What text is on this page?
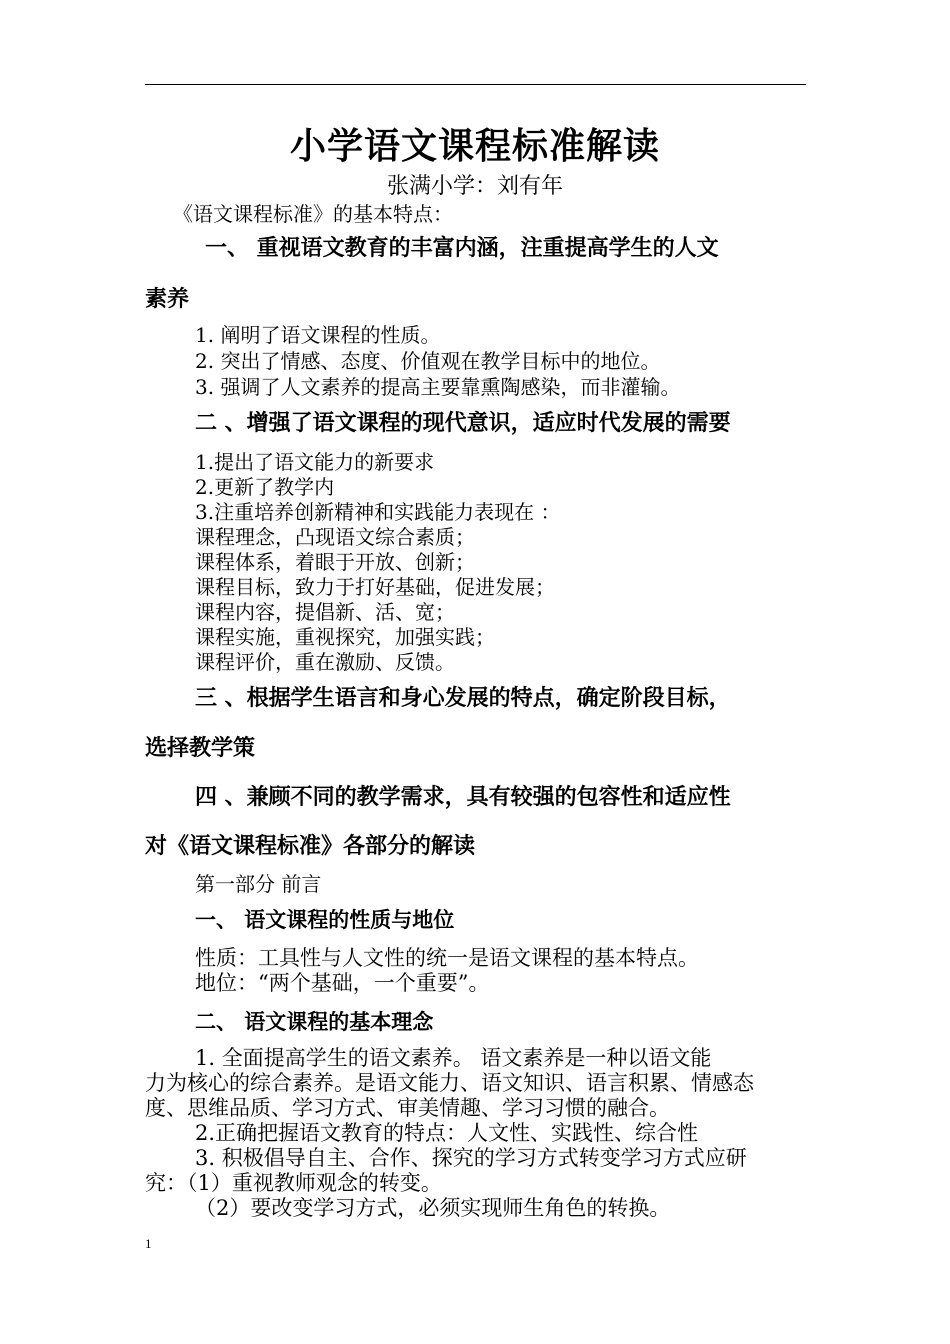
小学语文课程标准解读
张满小学：刘有年
《语文课程标准》的基本特点：
一、 重视语文教育的丰富内涵，注重提高学生的人文
素养
1. 阐明了语文课程的性质。
2. 突出了情感、态度、价值观在教学目标中的地位。
3. 强调了人文素养的提高主要靠熏陶感染，而非灌输。
二 、增强了语文课程的现代意识，适应时代发展的需要
1.提出了语文能力的新要求
2.更新了教学内
3.注重培养创新精神和实践能力表现在 ：
课程理念，凸现语文综合素质；
课程体系，着眼于开放、创新；
课程目标，致力于打好基础，促进发展；
课程内容，提倡新、活、宽；
课程实施，重视探究，加强实践；
课程评价，重在激励、反馈。
三 、根据学生语言和身心发展的特点，确定阶段目标，
选择教学策
四 、兼顾不同的教学需求，具有较强的包容性和适应性
对《语文课程标准》各部分的解读
第一部分 前言
一、 语文课程的性质与地位
性质：工具性与人文性的统一是语文课程的基本特点。
地位：“两个基础，一个重要”。
二、 语文课程的基本理念
1. 全面提高学生的语文素养。 语文素养是一种以语文能
力为核心的综合素养。是语文能力、语文知识、语言积累、情感态
度、思维品质、学习方式、审美情趣、学习习惯的融合。
2.正确把握语文教育的特点：人文性、实践性、综合性
3. 积极倡导自主、合作、探究的学习方式转变学习方式应研
究：（1）重视教师观念的转变。
（2）要改变学习方式，必须实现师生角色的转换。
1
